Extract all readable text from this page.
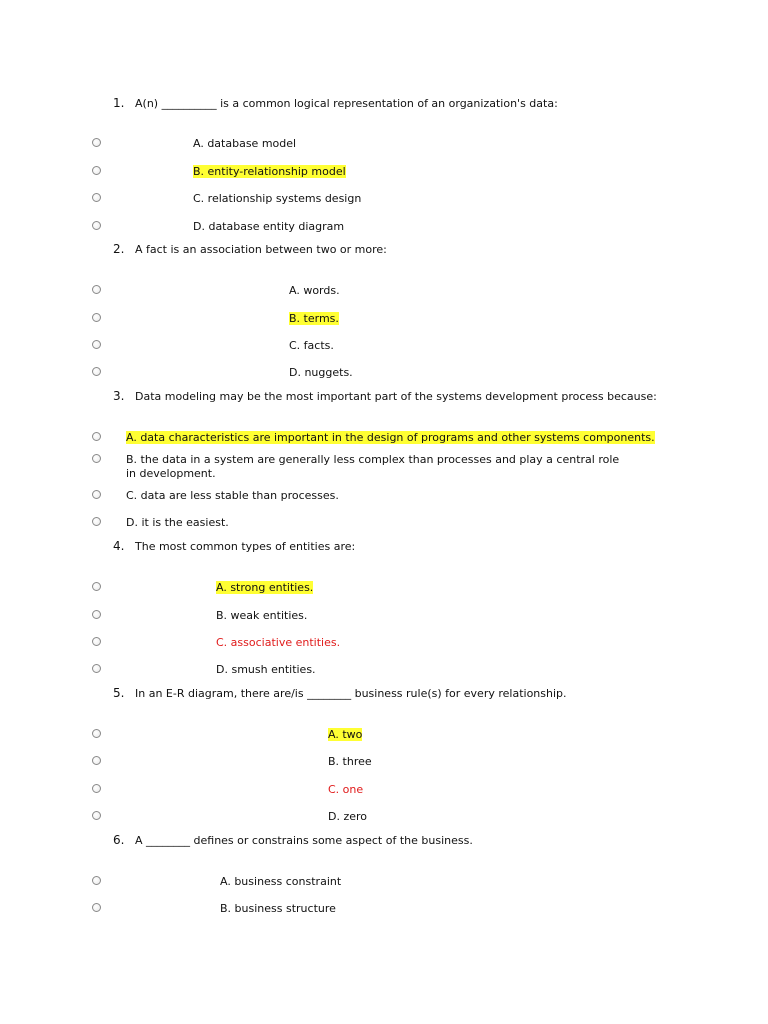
1. A(n) __________ is a common logical representation of an organization's data:
A. database model
B. entity-relationship model
C. relationship systems design
D. database entity diagram
2. A fact is an association between two or more:
A. words.
B. terms.
C. facts.
D. nuggets.
3. Data modeling may be the most important part of the systems development process because:
A. data characteristics are important in the design of programs and other systems components.
B. the data in a system are generally less complex than processes and play a central role in development.
C. data are less stable than processes.
D. it is the easiest.
4. The most common types of entities are:
A. strong entities.
B. weak entities.
C. associative entities.
D. smush entities.
5. In an E-R diagram, there are/is ________ business rule(s) for every relationship.
A. two
B. three
C. one
D. zero
6. A ________ defines or constrains some aspect of the business.
A. business constraint
B. business structure
